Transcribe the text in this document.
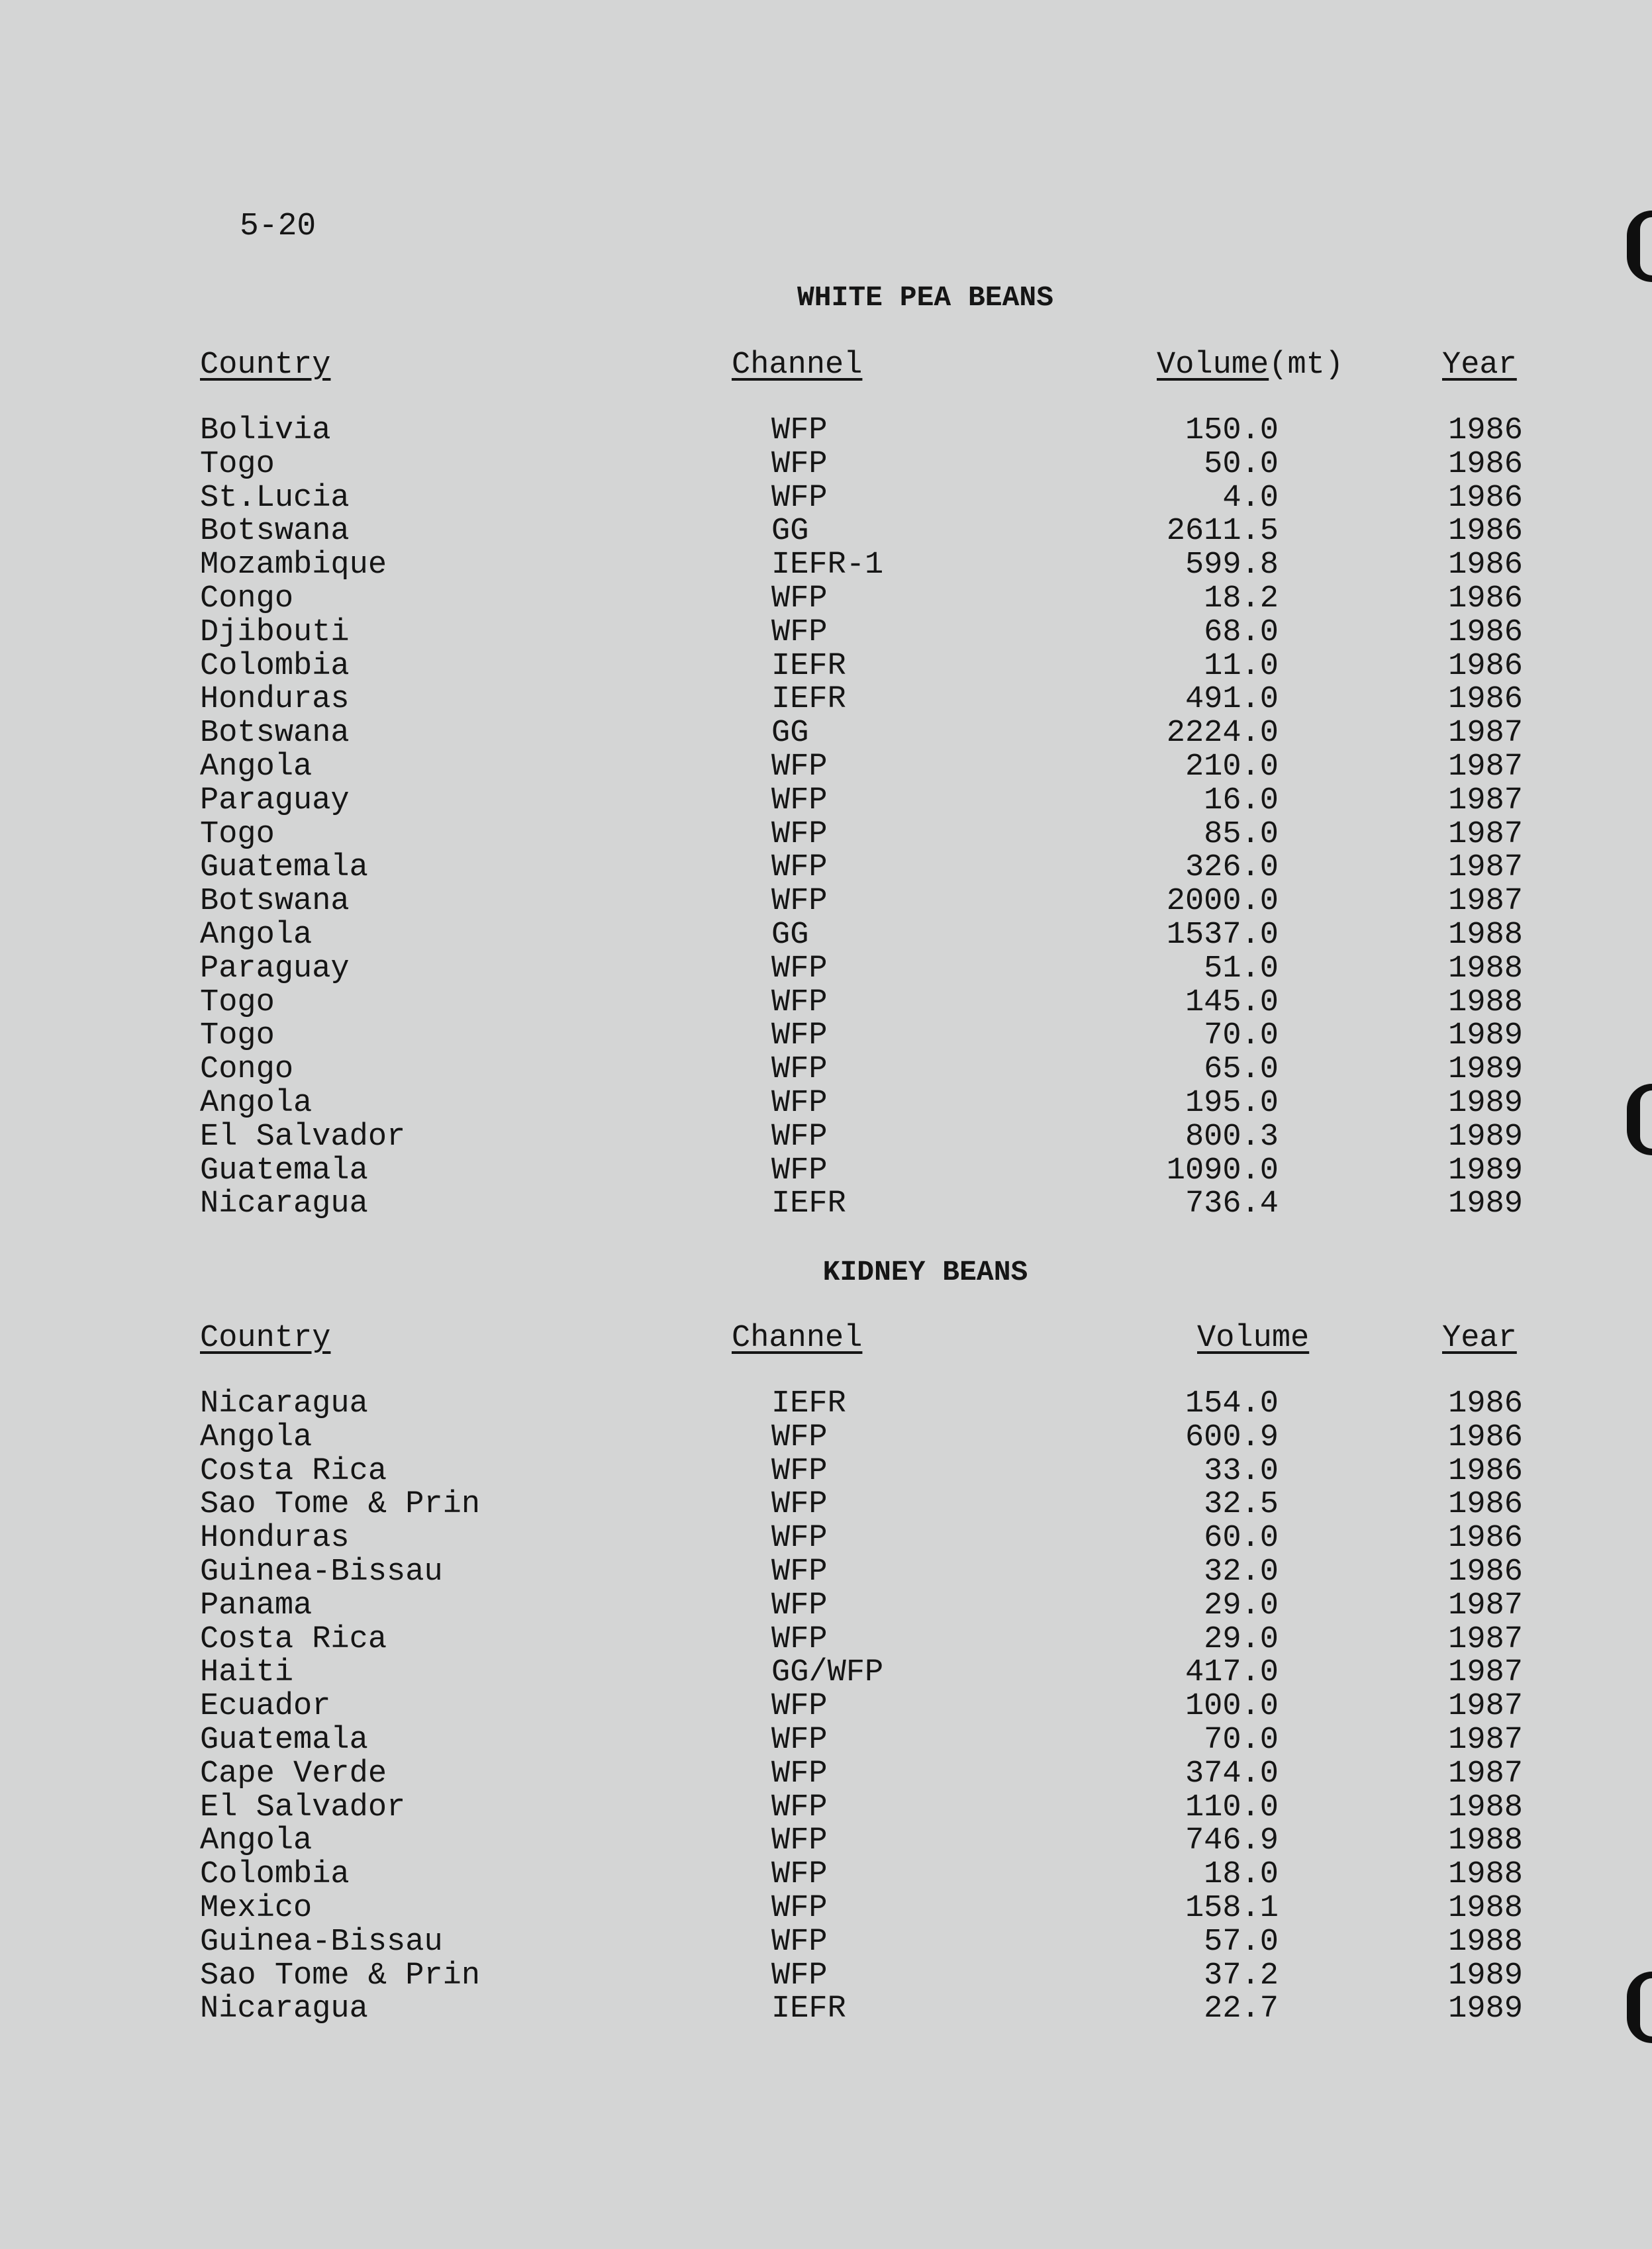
5-20
WHITE PEA BEANS
Country	Channel	Volume(mt)	Year
Bolivia	WFP	150.0	1986
Togo	WFP	50.0	1986
St.Lucia	WFP	4.0	1986
Botswana	GG	2611.5	1986
Mozambique	IEFR-1	599.8	1986
Congo	WFP	18.2	1986
Djibouti	WFP	68.0	1986
Colombia	IEFR	11.0	1986
Honduras	IEFR	491.0	1986
Botswana	GG	2224.0	1987
Angola	WFP	210.0	1987
Paraguay	WFP	16.0	1987
Togo	WFP	85.0	1987
Guatemala	WFP	326.0	1987
Botswana	WFP	2000.0	1987
Angola	GG	1537.0	1988
Paraguay	WFP	51.0	1988
Togo	WFP	145.0	1988
Togo	WFP	70.0	1989
Congo	WFP	65.0	1989
Angola	WFP	195.0	1989
El Salvador	WFP	800.3	1989
Guatemala	WFP	1090.0	1989
Nicaragua	IEFR	736.4	1989
KIDNEY BEANS
Country	Channel	Volume	Year
Nicaragua	IEFR	154.0	1986
Angola	WFP	600.9	1986
Costa Rica	WFP	33.0	1986
Sao Tome & Prin	WFP	32.5	1986
Honduras	WFP	60.0	1986
Guinea-Bissau	WFP	32.0	1986
Panama	WFP	29.0	1987
Costa Rica	WFP	29.0	1987
Haiti	GG/WFP	417.0	1987
Ecuador	WFP	100.0	1987
Guatemala	WFP	70.0	1987
Cape Verde	WFP	374.0	1987
El Salvador	WFP	110.0	1988
Angola	WFP	746.9	1988
Colombia	WFP	18.0	1988
Mexico	WFP	158.1	1988
Guinea-Bissau	WFP	57.0	1988
Sao Tome & Prin	WFP	37.2	1989
Nicaragua	IEFR	22.7	1989
